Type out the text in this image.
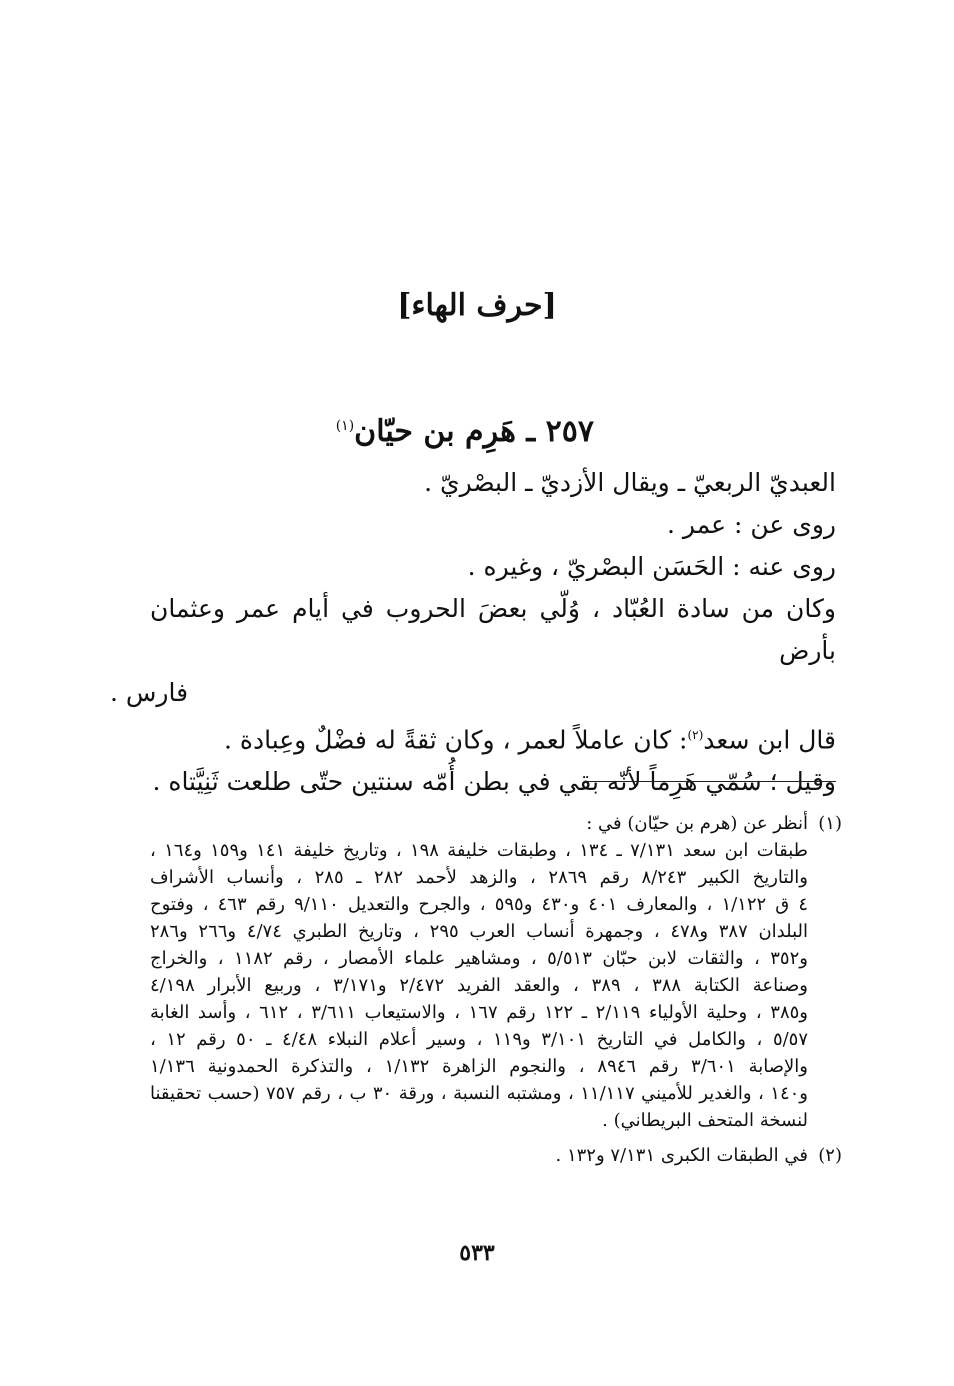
[حرف الهاء]
٢٥٧ ـ هَرِم بن حيّان$^{(١)}$

العبديّ الربعيّ ـ ويقال الأزديّ ـ البصْريّ .

روى عن : عمر .

روى عنه : الحَسَن البصْريّ ، وغيره .

وكان من سادة العُبّاد ، وُلّي بعضَ الحروب في أيام عمر وعثمان بأرض

فارس .

قال ابن سعد$^{(٢)}$: كان عاملاً لعمر ، وكان ثقةً له فضْلٌ وعِبادة .

وقيل ؛ سُمّي هَرِماً لأنّه بقي في بطن أُمّه سنتين حتّى طلعت ثَنِيَّتاه .

(١)
أنظر عن (هرم بن حيّان) في :
طبقات ابن سعد ٧/١٣١ ـ ١٣٤ ، وطبقات خليفة ١٩٨ ، وتاريخ خليفة ١٤١ و١٥٩ و١٦٤ ،
والتاريخ الكبير ٨/٢٤٣ رقم ٢٨٦٩ ، والزهد لأحمد ٢٨٢ ـ ٢٨٥ ، وأنساب الأشراف
٤ ق ١/١٢٢ ، والمعارف ٤٠١ و٤٣٠ و٥٩٥ ، والجرح والتعديل ٩/١١٠ رقم ٤٦٣ ، وفتوح
البلدان ٣٨٧ و٤٧٨ ، وجمهرة أنساب العرب ٢٩٥ ، وتاريخ الطبري ٤/٧٤ و٢٦٦ و٢٨٦
و٣٥٢ ، والثقات لابن حبّان ٥/٥١٣ ، ومشاهير علماء الأمصار ، رقم ١١٨٢ ، والخراج
وصناعة الكتابة ٣٨٨ ، ٣٨٩ ، والعقد الفريد ٢/٤٧٢ و٣/١٧١ ، وربيع الأبرار ٤/١٩٨
و٣٨٥ ، وحلية الأولياء ٢/١١٩ ـ ١٢٢ رقم ١٦٧ ، والاستيعاب ٣/٦١١ ، ٦١٢ ، وأسد الغابة
٥/٥٧ ، والكامل في التاريخ ٣/١٠١ و١١٩ ، وسير أعلام النبلاء ٤/٤٨ ـ ٥٠ رقم ١٢ ،
والإصابة ٣/٦٠١ رقم ٨٩٤٦ ، والنجوم الزاهرة ١/١٣٢ ، والتذكرة الحمدونية ١/١٣٦
و١٤٠ ، والغدير للأميني ١١/١١٧ ، ومشتبه النسبة ، ورقة ٣٠ ب ، رقم ٧٥٧ (حسب تحقيقنا
لنسخة المتحف البريطاني) .
(٢)
في الطبقات الكبرى ٧/١٣١ و١٣٢ .
٥٣٣
